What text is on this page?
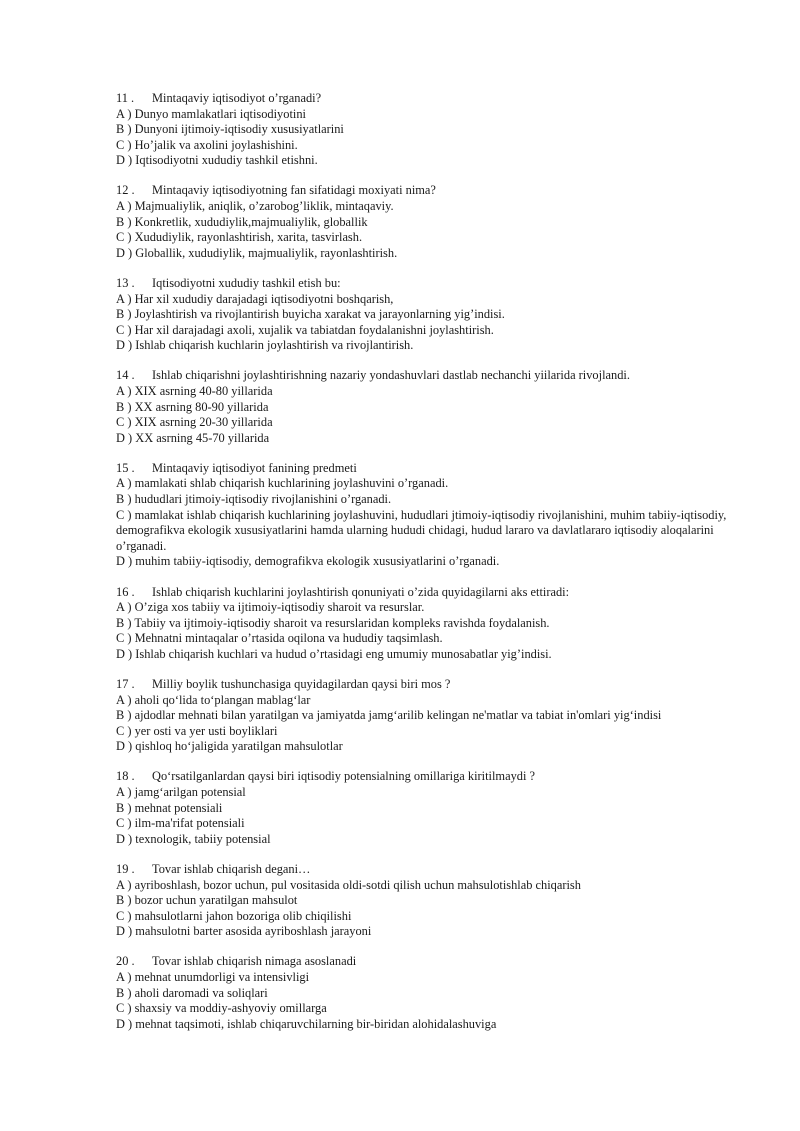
11 . Mintaqaviy iqtisodiyot o’rganadi?
A ) Dunyo mamlakatlari iqtisodiyotini
B ) Dunyoni ijtimoiy-iqtisodiy xususiyatlarini
C ) Ho’jalik va axolini joylashishini.
D ) Iqtisodiyotni xududiy tashkil etishni.
12 . Mintaqaviy iqtisodiyotning fan sifatidagi moxiyati nima?
A ) Majmualiylik, aniqlik, o’zarobog’liklik, mintaqaviy.
B ) Konkretlik, xududiylik,majmualiylik, globallik
C ) Xududiylik, rayonlashtirish, xarita, tasvirlash.
D ) Globallik, xududiylik, majmualiylik, rayonlashtirish.
13 . Iqtisodiyotni xududiy tashkil etish bu:
A ) Har xil xududiy darajadagi iqtisodiyotni boshqarish,
B ) Joylashtirish va rivojlantirish buyicha xarakat va jarayonlarning yig’indisi.
C ) Har xil darajadagi axoli, xujalik va tabiatdan foydalanishni joylashtirish.
D ) Ishlab chiqarish kuchlarin joylashtirish va rivojlantirish.
14 . Ishlab chiqarishni joylashtirishning nazariy yondashuvlari dastlab nechanchi yiilarida rivojlandi.
A ) XIX asrning 40-80 yillarida
B ) XX asrning 80-90 yillarida
C ) XIX asrning 20-30 yillarida
D ) XX asrning 45-70 yillarida
15 . Mintaqaviy iqtisodiyot fanining predmeti
A ) mamlakati shlab chiqarish kuchlarining joylashuvini o’rganadi.
B ) hududlari jtimoiy-iqtisodiy rivojlanishini o’rganadi.
C ) mamlakat ishlab chiqarish kuchlarining joylashuvini, hududlari jtimoiy-iqtisodiy rivojlanishini, muhim tabiiy-iqtisodiy, demografikva ekologik xususiyatlarini hamda ularning hududi chidagi, hudud lararo va davlatlararo iqtisodiy aloqalarini o’rganadi.
D ) muhim tabiiy-iqtisodiy, demografikva ekologik xususiyatlarini o’rganadi.
16 . Ishlab chiqarish kuchlarini joylashtirish qonuniyati o’zida quyidagilarni aks ettiradi:
A ) O’ziga xos tabiiy va ijtimoiy-iqtisodiy sharoit va resurslar.
B ) Tabiiy va ijtimoiy-iqtisodiy sharoit va resurslaridan kompleks ravishda foydalanish.
C ) Mehnatni mintaqalar o’rtasida oqilona va hududiy taqsimlash.
D ) Ishlab chiqarish kuchlari va hudud o’rtasidagi eng umumiy munosabatlar yig’indisi.
17 . Milliy boylik tushunchasiga quyidagilardan qaysi biri mos ?
A ) aholi qo‘lida to‘plangan mablag‘lar
B ) ajdodlar mehnati bilan yaratilgan va jamiyatda jamg‘arilib kelingan ne'matlar va tabiat in'omlari yig‘indisi
C ) yer osti va yer usti boyliklari
D ) qishloq ho‘jaligida yaratilgan mahsulotlar
18 . Qo‘rsatilganlardan qaysi biri iqtisodiy potensialning omillariga kiritilmaydi ?
A ) jamg‘arilgan potensial
B ) mehnat potensiali
C ) ilm-ma'rifat potensiali
D ) texnologik, tabiiy potensial
19 . Tovar ishlab chiqarish degani…
A ) ayriboshlash, bozor uchun, pul vositasida oldi-sotdi qilish uchun mahsulotishlab chiqarish
B ) bozor uchun yaratilgan mahsulot
C ) mahsulotlarni jahon bozoriga olib chiqilishi
D ) mahsulotni barter asosida ayriboshlash jarayoni
20 . Tovar ishlab chiqarish nimaga asoslanadi
A ) mehnat unumdorligi va intensivligi
B ) aholi daromadi va soliqlari
C ) shaxsiy va moddiy-ashyoviy omillarga
D ) mehnat taqsimoti, ishlab chiqaruvchilarning bir-biridan alohidalashuviga
